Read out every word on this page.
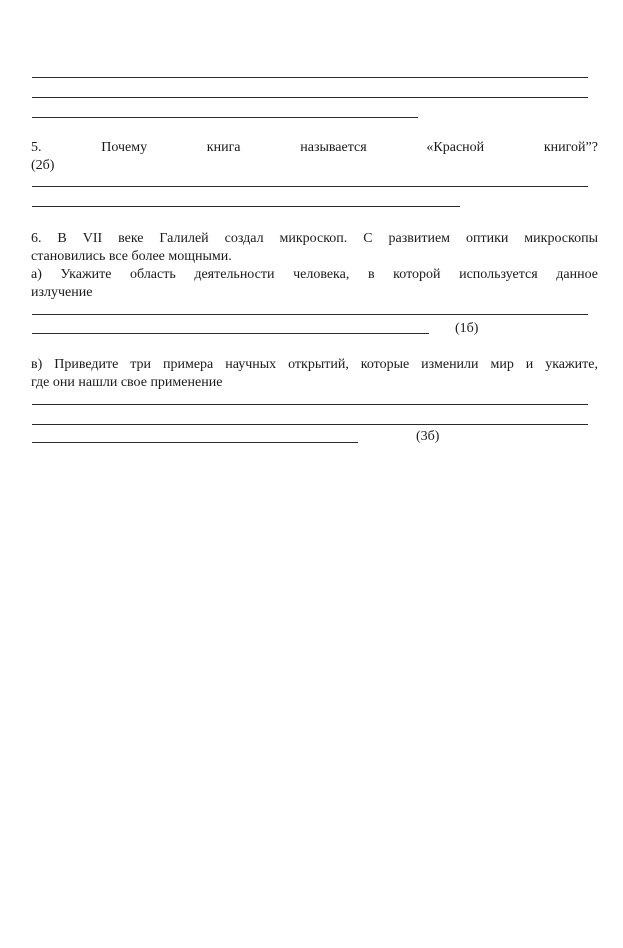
5.	Почему	книга	называется	«Красной	книгой”?
(2б)
6. В VII веке Галилей создал микроскоп. С развитием оптики микроскопы
становились все более мощными.
а) Укажите область деятельности человека, в которой используется данное
излучение
(1б)
в) Приведите три примера научных открытий, которые изменили мир и укажите,
где они нашли свое применение
(3б)
